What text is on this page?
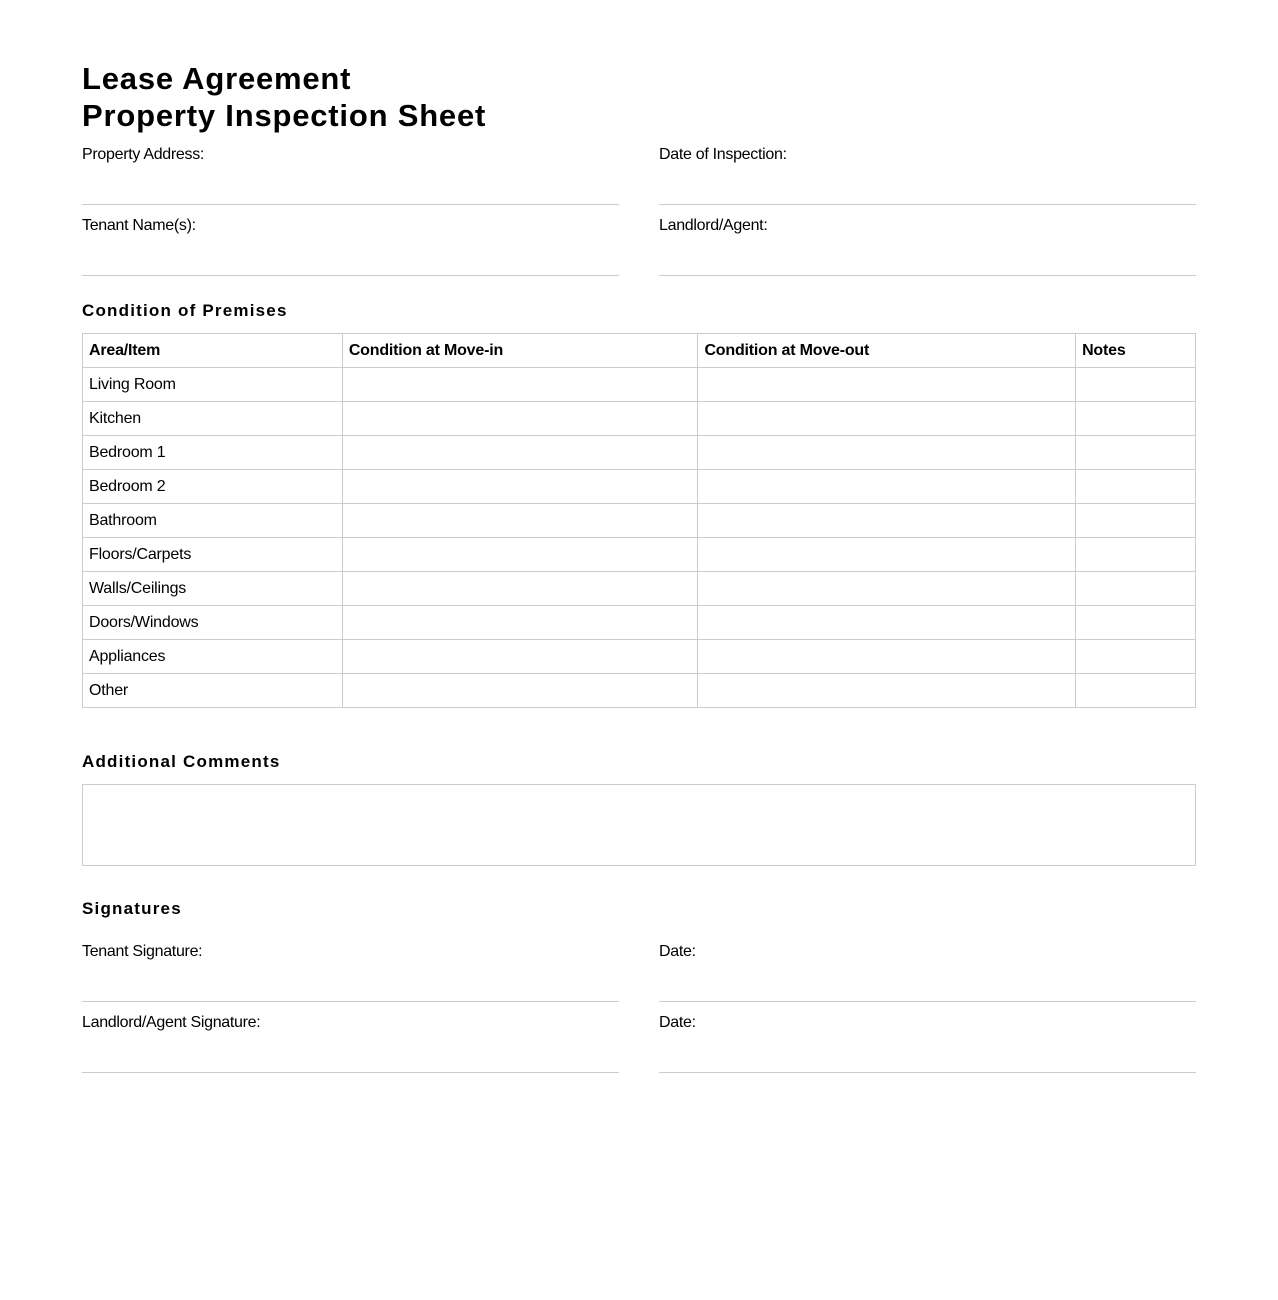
Lease Agreement
Property Inspection Sheet
Property Address:	Date of Inspection:
Tenant Name(s):	Landlord/Agent:
Condition of Premises
Area/Item	Condition at Move-in	Condition at Move-out	Notes
Living Room			
Kitchen			
Bedroom 1			
Bedroom 2			
Bathroom			
Floors/Carpets			
Walls/Ceilings			
Doors/Windows			
Appliances			
Other			
Additional Comments
Signatures
Tenant Signature:	Date:
Landlord/Agent Signature:	Date:
